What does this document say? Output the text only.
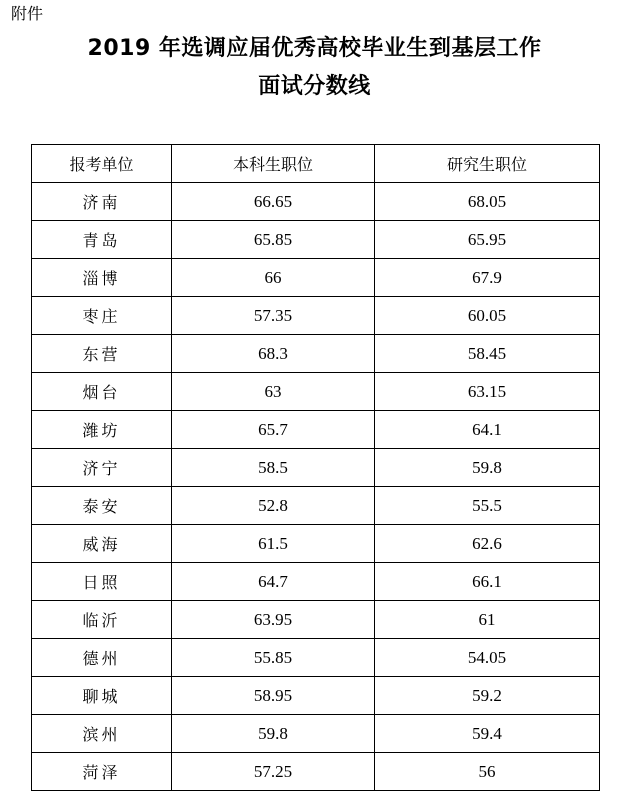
附件
2019 年选调应届优秀高校毕业生到基层工作
面试分数线
报考单位	本科生职位	研究生职位
济南	66.65	68.05
青岛	65.85	65.95
淄博	66	67.9
枣庄	57.35	60.05
东营	68.3	58.45
烟台	63	63.15
潍坊	65.7	64.1
济宁	58.5	59.8
泰安	52.8	55.5
威海	61.5	62.6
日照	64.7	66.1
临沂	63.95	61
德州	55.85	54.05
聊城	58.95	59.2
滨州	59.8	59.4
菏泽	57.25	56
